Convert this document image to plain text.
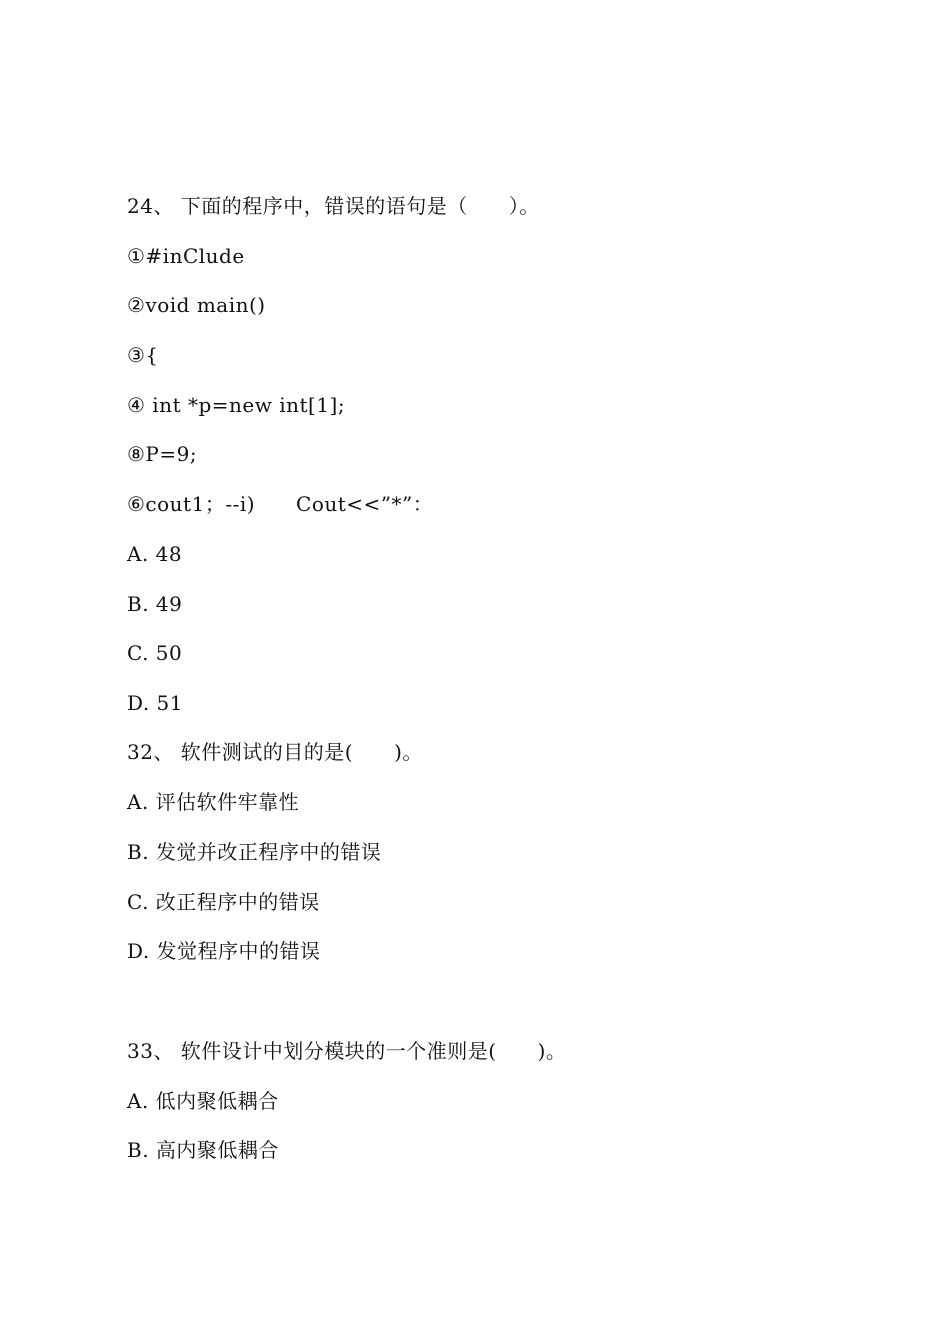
24、 下面的程序中，错误的语句是（　　）。
①#inClude
②void main()
③{
④ int *p=new int[1];
⑧P=9;
⑥cout1；--i)　　Cout<<”*”：
A. 48
B. 49
C. 50
D. 51
32、 软件测试的目的是(　　)。
A. 评估软件牢靠性
B. 发觉并改正程序中的错误
C. 改正程序中的错误
D. 发觉程序中的错误
33、 软件设计中划分模块的一个准则是(　　)。
A. 低内聚低耦合
B. 高内聚低耦合
